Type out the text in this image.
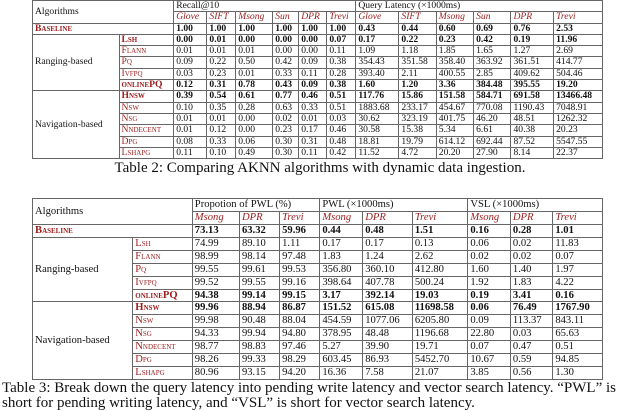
Algorithms		Recall@10						Query Latency (×1000ms)					
		Glove	SIFT	Msong	Sun	DPR	Trevi	Glove	SIFT	Msong	Sun	DPR	Trevi
Baseline		1.00	1.00	1.00	1.00	1.00	1.00	0.43	0.44	0.60	0.69	0.76	2.53
Ranging-based	Lsh	0.00	0.01	0.00	0.00	0.00	0.07	0.17	0.22	0.23	0.42	0.19	11.96
	Flann	0.01	0.01	0.01	0.00	0.00	0.11	1.09	1.18	1.85	1.65	1.27	2.69
	Pq	0.09	0.22	0.50	0.42	0.09	0.38	354.43	351.58	358.40	363.92	361.51	414.77
	Ivfpq	0.03	0.23	0.01	0.33	0.11	0.28	393.40	2.11	400.55	2.85	409.62	504.46
	onlinePQ	0.12	0.31	0.78	0.43	0.09	0.38	1.60	1.20	3.36	384.48	395.55	19.20
Navigation-based	Hnsw	0.39	0.54	0.61	0.77	0.46	0.51	117.76	15.86	151.58	584.71	691.58	13466.48
	Nsw	0.10	0.35	0.28	0.63	0.33	0.51	1883.68	233.17	454.67	770.08	1190.43	7048.91
	Nsg	0.01	0.01	0.00	0.02	0.01	0.03	30.62	323.19	401.75	46.20	48.51	1262.32
	Nndecent	0.01	0.12	0.00	0.23	0.17	0.46	30.58	15.38	5.34	6.61	40.38	20.23
	Dpg	0.08	0.33	0.06	0.30	0.31	0.48	18.81	19.79	614.12	692.44	87.52	5547.55
	Lshapg	0.11	0.10	0.49	0.30	0.11	0.42	11.52	4.72	20.20	27.90	8.14	22.37
Table 2: Comparing AKNN algorithms with dynamic data ingestion.
Algorithms		Propotion of PWL (%)			PWL (×1000ms)			VSL (×1000ms)		
		Msong	DPR	Trevi	Msong	DPR	Trevi	Msong	DPR	Trevi
Baseline		73.13	63.32	59.96	0.44	0.48	1.51	0.16	0.28	1.01
Ranging-based	Lsh	74.99	89.10	1.11	0.17	0.17	0.13	0.06	0.02	11.83
	Flann	98.99	98.14	97.48	1.83	1.24	2.62	0.02	0.02	0.07
	Pq	99.55	99.61	99.53	356.80	360.10	412.80	1.60	1.40	1.97
	Ivfpq	99.52	99.55	99.16	398.64	407.78	500.24	1.92	1.83	4.22
	onlinePQ	94.38	99.14	99.15	3.17	392.14	19.03	0.19	3.41	0.16
Navigation-based	Hnsw	99.96	88.94	86.87	151.52	615.08	11698.58	0.06	76.49	1767.90
	Nsw	99.98	90.48	88.04	454.59	1077.06	6205.80	0.09	113.37	843.11
	Nsg	94.33	99.94	94.80	378.95	48.48	1196.68	22.80	0.03	65.63
	Nndecent	98.77	98.83	97.46	5.27	39.90	19.71	0.07	0.47	0.51
	Dpg	98.26	99.33	98.29	603.45	86.93	5452.70	10.67	0.59	94.85
	Lshapg	80.96	93.15	94.20	16.36	7.58	21.07	3.85	0.56	1.30
Table 3: Break down the query latency into pending write latency and vector search latency. “PWL” is short for pending writing latency, and “VSL” is short for vector search latency.
